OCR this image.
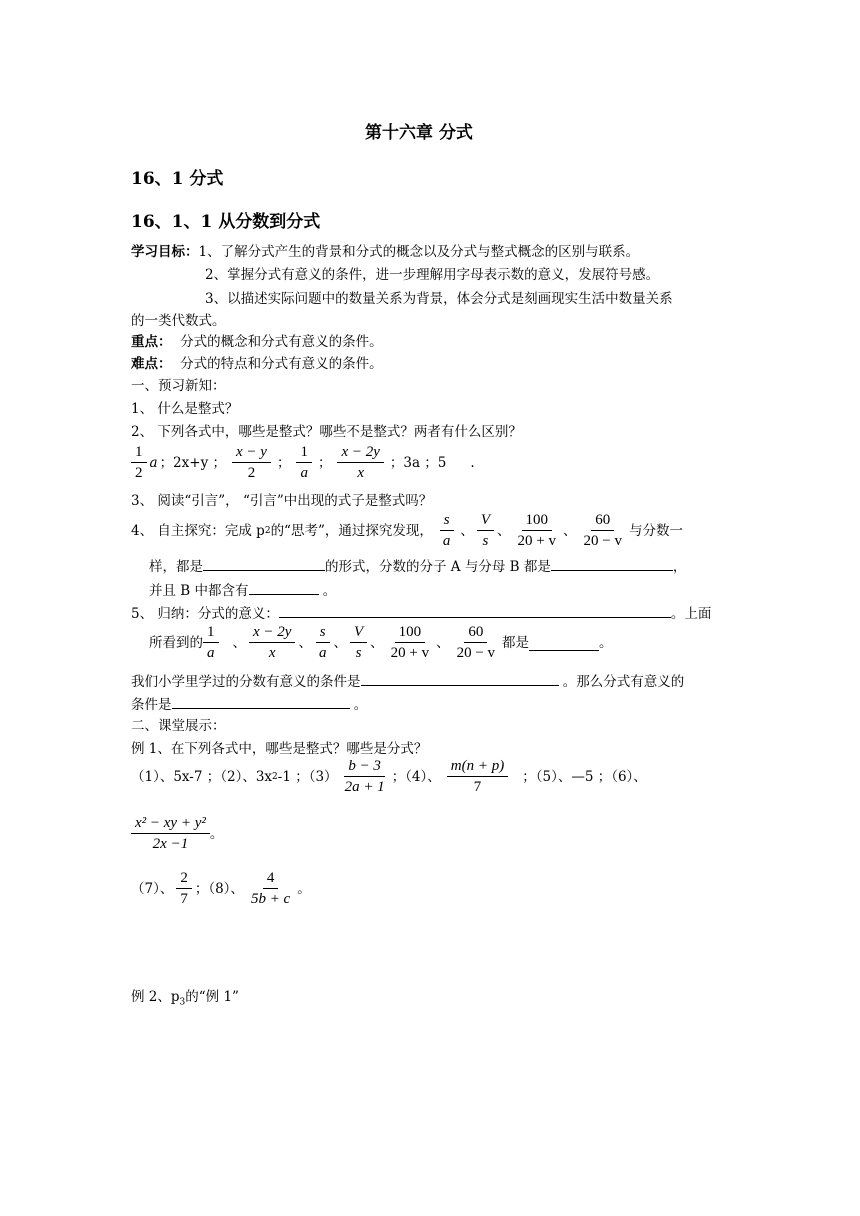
第十六章 分式
16、1 分式
16、1、1 从分数到分式
学习目标：1、了解分式产生的背景和分式的概念以及分式与整式概念的区别与联系。
2、掌握分式有意义的条件，进一步理解用字母表示数的意义，发展符号感。
3、以描述实际问题中的数量关系为背景，体会分式是刻画现实生活中数量关系
的一类代数式。
重点： 分式的概念和分式有意义的条件。
难点： 分式的特点和分式有意义的条件。
一、预习新知：
1、 什么是整式？
2、 下列各式中，哪些是整式？哪些不是整式？两者有什么区别？
$\frac{1}{2}$ a ；2x+y ； $\frac{x - y}{2}$ ； $\frac{1}{a}$ ； $\frac{x - 2y}{x}$ ；3a ；5 .
3、 阅读“引言”， “引言”中出现的式子是整式吗？
4、 自主探究：完成 p 2 的“思考”，通过探究发现， $\frac{s}{a}$ 、 $\frac{V}{s}$ 、 $\frac{100}{20 + v}$ 、 $\frac{60}{20 - v}$ 与分数一
样，都是	的形式，分数的分子 A 与分母 B 都是	，
并且 B 中都含有	。
5、 归纳：分式的意义：	。上面
所看到的 $\frac{1}{a}$ 、 $\frac{x - 2y}{x}$ 、 $\frac{s}{a}$ 、 $\frac{V}{s}$ 、 $\frac{100}{20 + v}$ 、 $\frac{60}{20 - v}$ 都是	。
我们小学里学过的分数有意义的条件是	。那么分式有意义的
条件是	。
二、课堂展示：
例 1、在下列各式中，哪些是整式？哪些是分式？
（1）、5x-7 ；（2）、3x 2 -1 ；$(3) \frac{b - 3}{2a + 1}$ ；（4）、 $\frac{m(n + p)}{7}$ ；（5）、—5 ；（6）、
$\frac{\text{x² − xy + y²}}{2x -1}$ 。
（7）、 $\frac{2}{7}$ ；（8）、 $\frac{4}{5b + c}$ 。
例 2、$p_3$的“例 1”
